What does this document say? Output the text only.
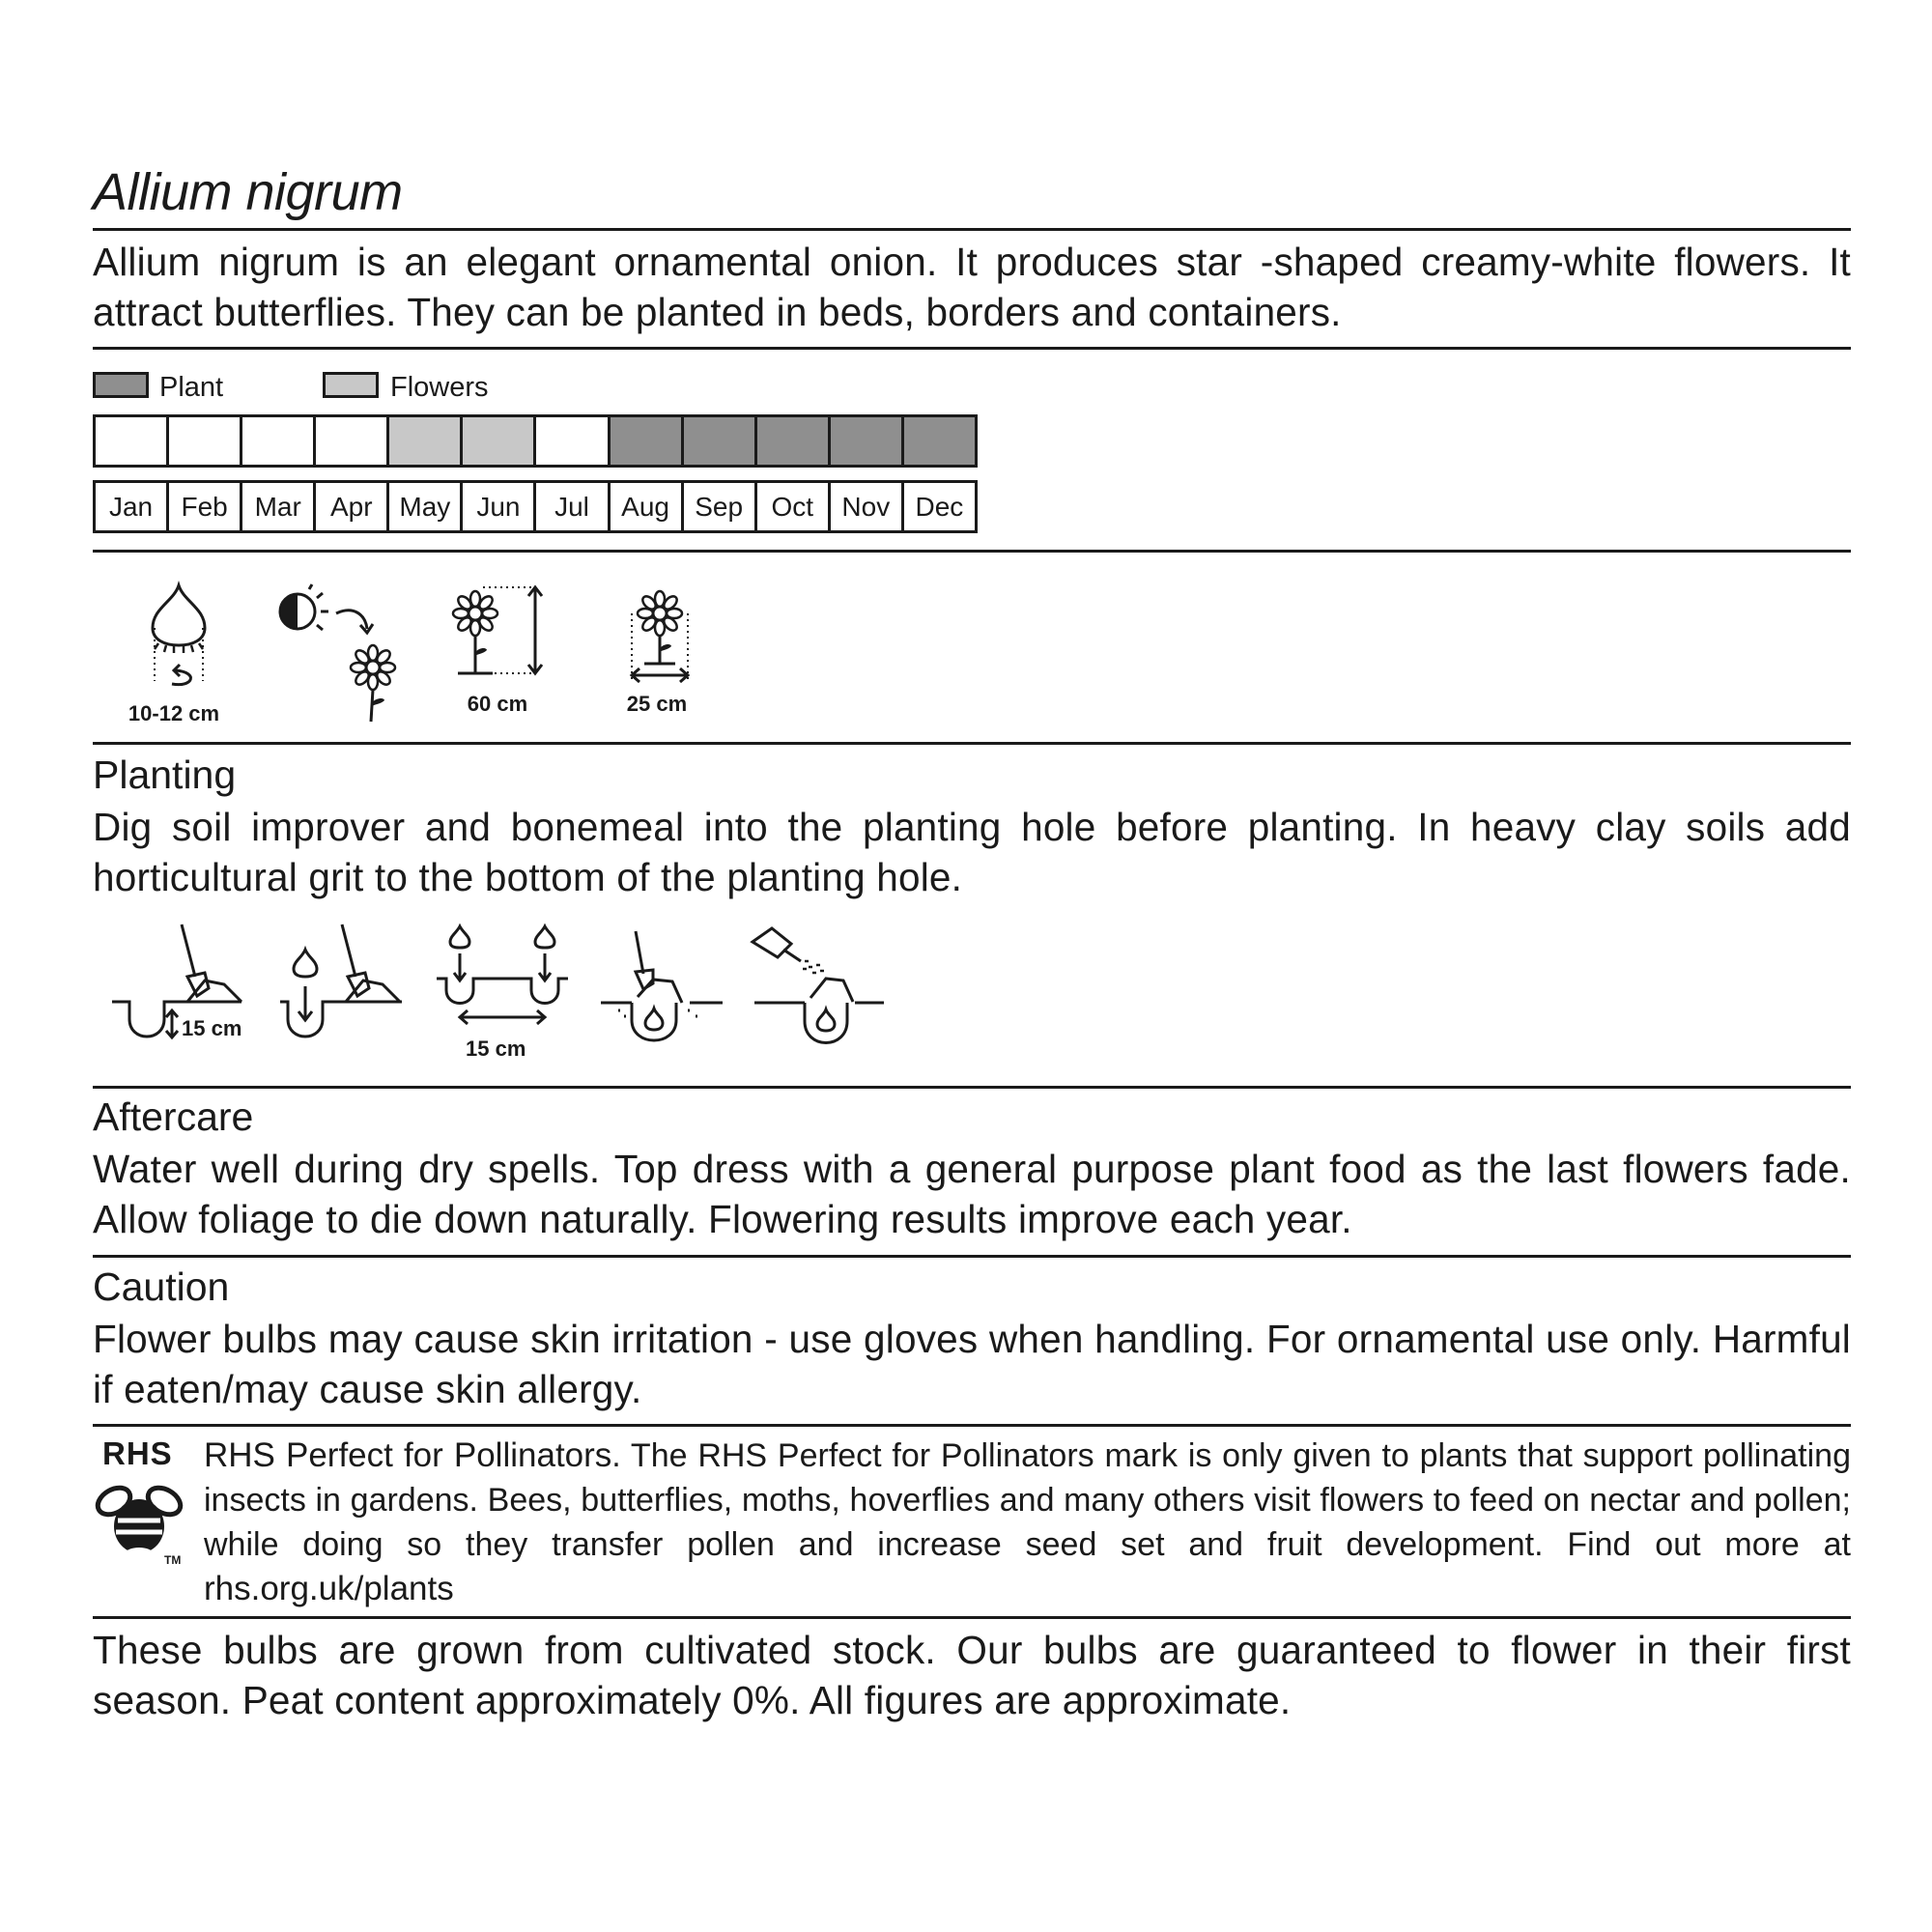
Allium nigrum
Allium nigrum is an elegant ornamental onion. It produces star -shaped creamy-white flowers. It attract butterflies. They can be planted in beds, borders and containers.
Plant	Flowers
Jan	Feb Mar	Apr May Jun	Jul	Aug Sep	Oct	Nov Dec
10-12 cm	60 cm	25 cm
Planting
Dig soil improver and bonemeal into the planting hole before planting. In heavy clay soils add horticultural grit to the bottom of the planting hole.
15 cm
15 cm
Aftercare
Water well during dry spells. Top dress with a general purpose plant food as the last flowers fade. Allow foliage to die down naturally. Flowering results improve each year.
Caution
Flower bulbs may cause skin irritation - use gloves when handling. For ornamental use only. Harmful if eaten/may cause skin allergy.
RHS
TM
RHS Perfect for Pollinators. The RHS Perfect for Pollinators mark is only given to plants that support pollinating insects in gardens. Bees, butterflies, moths, hoverflies and many others visit flowers to feed on nectar and pollen; while doing so they transfer pollen and increase seed set and fruit development. Find out more at rhs.org.uk/plants
These bulbs are grown from cultivated stock. Our bulbs are guaranteed to flower in their first season. Peat content approximately 0%. All figures are approximate.
